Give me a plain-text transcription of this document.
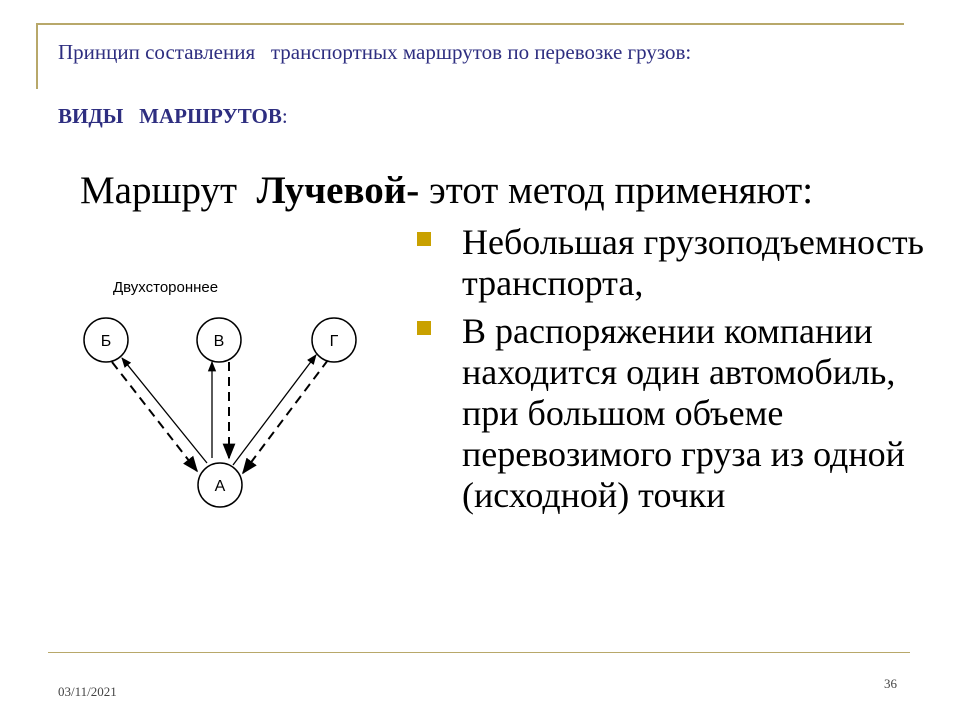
Принцип составления   транспортных маршрутов по перевозке грузов:
ВИДЫ   МАРШРУТОВ:
Маршрут  Лучевой- этот метод применяют:
Небольшая грузоподъемность транспорта,
В распоряжении компании находится один автомобиль, при большом объеме перевозимого груза из одной (исходной) точки
Двухстороннее
Б	В	Г
А
03/11/2021
36
